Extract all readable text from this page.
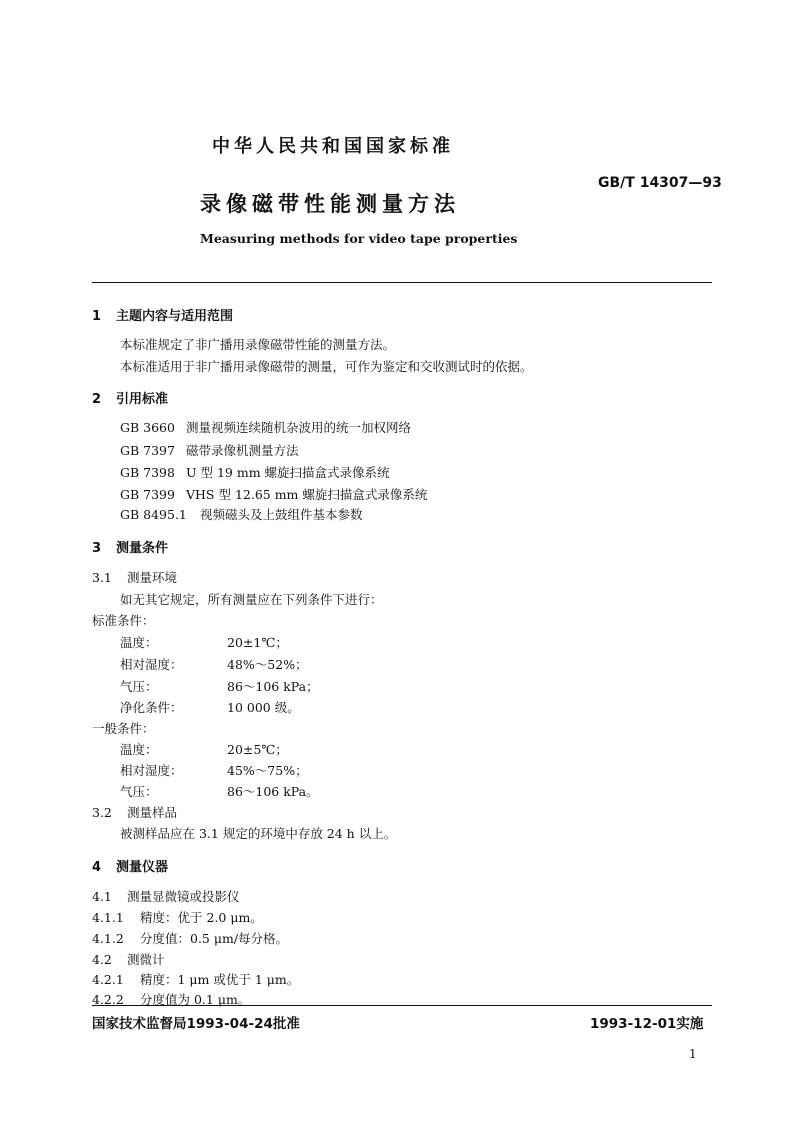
中华人民共和国国家标准
GB/T 14307—93
录像磁带性能测量方法
Measuring methods for video tape properties
1 主题内容与适用范围
本标准规定了非广播用录像磁带性能的测量方法。
本标准适用于非广播用录像磁带的测量，可作为鉴定和交收测试时的依据。
2 引用标准
GB 3660 测量视频连续随机杂波用的统一加权网络
GB 7397 磁带录像机测量方法
GB 7398 U 型 19 mm 螺旋扫描盒式录像系统
GB 7399 VHS 型 12.65 mm 螺旋扫描盒式录像系统
GB 8495.1 视频磁头及上鼓组件基本参数
3 测量条件
3.1 测量环境
如无其它规定，所有测量应在下列条件下进行：
标准条件：
温度：	20±1℃；
相对湿度：	48%～52%；
气压：	86～106 kPa；
净化条件：	10 000 级。
一般条件：
温度：	20±5℃；
相对湿度：	45%～75%；
气压：	86～106 kPa。
3.2 测量样品
被测样品应在 3.1 规定的环境中存放 24 h 以上。
4 测量仪器
4.1 测量显微镜或投影仪
4.1.1 精度：优于 2.0 μm。
4.1.2 分度值：0.5 μm/每分格。
4.2 测微计
4.2.1 精度：1 μm 或优于 1 μm。
4.2.2 分度值为 0.1 μm。
国家技术监督局1993-04-24批准	1993-12-01实施
1
